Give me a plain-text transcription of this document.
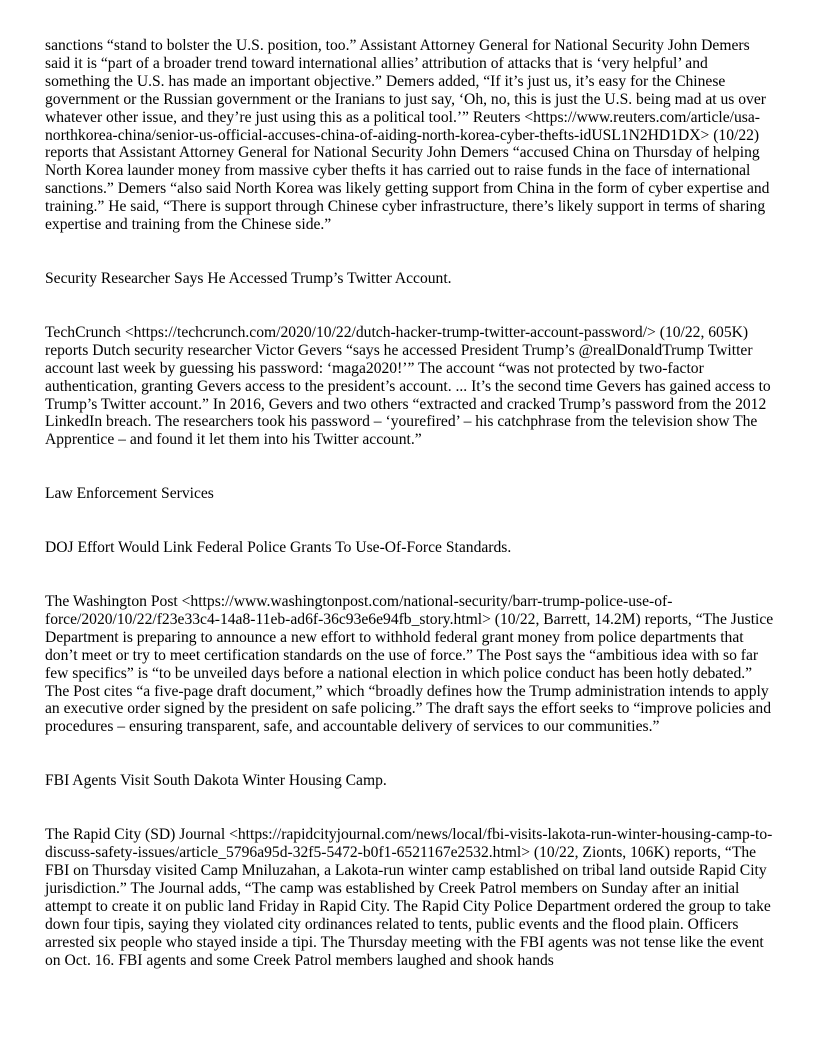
sanctions “stand to bolster the U.S. position, too.” Assistant Attorney General for National Security John Demers said it is “part of a broader trend toward international allies’ attribution of attacks that is ‘very helpful’ and something the U.S. has made an important objective.” Demers added, “If it’s just us, it’s easy for the Chinese government or the Russian government or the Iranians to just say, ‘Oh, no, this is just the U.S. being mad at us over whatever other issue, and they’re just using this as a political tool.’” Reuters <https://www.reuters.com/article/usa-northkorea-china/senior-us-official-accuses-china-of-aiding-north-korea-cyber-thefts-idUSL1N2HD1DX> (10/22) reports that Assistant Attorney General for National Security John Demers “accused China on Thursday of helping North Korea launder money from massive cyber thefts it has carried out to raise funds in the face of international sanctions.” Demers “also said North Korea was likely getting support from China in the form of cyber expertise and training.” He said, “There is support through Chinese cyber infrastructure, there’s likely support in terms of sharing expertise and training from the Chinese side.”

Security Researcher Says He Accessed Trump’s Twitter Account.

TechCrunch <https://techcrunch.com/2020/10/22/dutch-hacker-trump-twitter-account-password/> (10/22, 605K) reports Dutch security researcher Victor Gevers “says he accessed President Trump’s @realDonaldTrump Twitter account last week by guessing his password: ‘maga2020!’” The account “was not protected by two-factor authentication, granting Gevers access to the president’s account. ... It’s the second time Gevers has gained access to Trump’s Twitter account.” In 2016, Gevers and two others “extracted and cracked Trump’s password from the 2012 LinkedIn breach. The researchers took his password – ‘yourefired’ – his catchphrase from the television show The Apprentice – and found it let them into his Twitter account.”

Law Enforcement Services

DOJ Effort Would Link Federal Police Grants To Use-Of-Force Standards.

The Washington Post <https://www.washingtonpost.com/national-security/barr-trump-police-use-of-force/2020/10/22/f23e33c4-14a8-11eb-ad6f-36c93e6e94fb_story.html> (10/22, Barrett, 14.2M) reports, “The Justice Department is preparing to announce a new effort to withhold federal grant money from police departments that don’t meet or try to meet certification standards on the use of force.” The Post says the “ambitious idea with so far few specifics” is “to be unveiled days before a national election in which police conduct has been hotly debated.” The Post cites “a five-page draft document,” which “broadly defines how the Trump administration intends to apply an executive order signed by the president on safe policing.” The draft says the effort seeks to “improve policies and procedures – ensuring transparent, safe, and accountable delivery of services to our communities.”

FBI Agents Visit South Dakota Winter Housing Camp.

The Rapid City (SD) Journal <https://rapidcityjournal.com/news/local/fbi-visits-lakota-run-winter-housing-camp-to-discuss-safety-issues/article_5796a95d-32f5-5472-b0f1-6521167e2532.html> (10/22, Zionts, 106K) reports, “The FBI on Thursday visited Camp Mniluzahan, a Lakota-run winter camp established on tribal land outside Rapid City jurisdiction.” The Journal adds, “The camp was established by Creek Patrol members on Sunday after an initial attempt to create it on public land Friday in Rapid City. The Rapid City Police Department ordered the group to take down four tipis, saying they violated city ordinances related to tents, public events and the flood plain. Officers arrested six people who stayed inside a tipi. The Thursday meeting with the FBI agents was not tense like the event on Oct. 16. FBI agents and some Creek Patrol members laughed and shook hands
